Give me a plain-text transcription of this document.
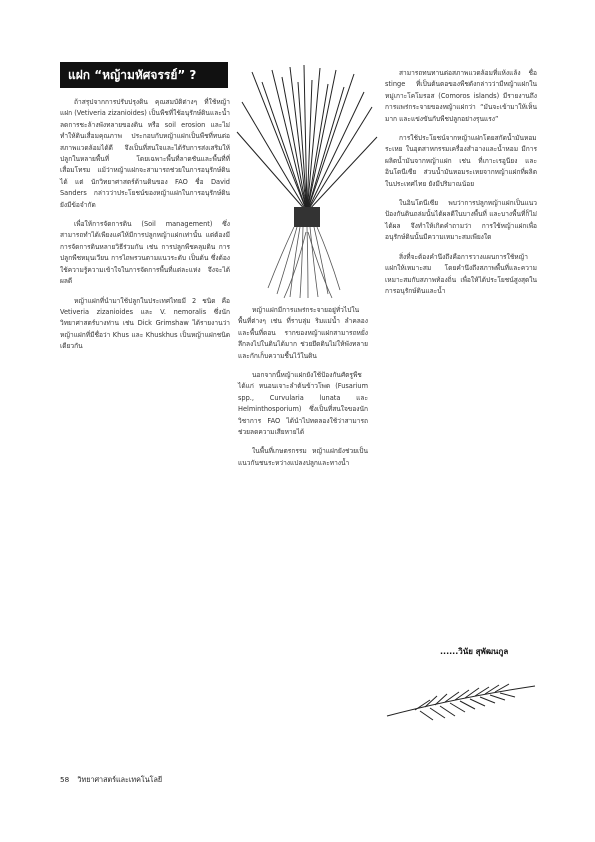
แฝก “หญ้ามหัศจรรย์” ?

ถ้าสรุปจากการปรับปรุงดิน คุณสมบัติต่างๆ ที่ใช้หญ้าแฝก (Vetiveria zizanioides) เป็นพืชที่ใช้อนุรักษ์ดินและน้ำ ลดการชะล้างพังทลายของดิน หรือ soil erosion และไม่ทำให้ดินเสื่อมคุณภาพ ประกอบกับหญ้าแฝกเป็นพืชที่ทนต่อสภาพแวดล้อมได้ดี จึงเป็นที่สนใจและได้รับการส่งเสริมให้ปลูกในหลายพื้นที่ โดยเฉพาะพื้นที่ลาดชันและพื้นที่ที่เสื่อมโทรม แม้ว่าหญ้าแฝกจะสามารถช่วยในการอนุรักษ์ดินได้ แต่ นักวิทยาศาสตร์ด้านดินของ FAO ชื่อ David Sanders กล่าวว่าประโยชน์ของหญ้าแฝกในการอนุรักษ์ดินยังมีข้อจำกัด

เพื่อให้การจัดการดิน (Soil management) ซึ่งสามารถทำได้เพียงแค่ให้มีการปลูกหญ้าแฝกเท่านั้น แต่ต้องมีการจัดการดินหลายวิธีร่วมกัน เช่น การปลูกพืชคลุมดิน การปลูกพืชหมุนเวียน การไถพรวนตามแนวระดับ เป็นต้น ซึ่งต้องใช้ความรู้ความเข้าใจในการจัดการพื้นที่แต่ละแห่ง จึงจะได้ผลดี

หญ้าแฝกที่นำมาใช้ปลูกในประเทศไทยมี 2 ชนิด คือ Vetiveria zizanioides และ V. nemoralis ซึ่งนักวิทยาศาสตร์บางท่าน เช่น Dick Grimshaw ได้รายงานว่าหญ้าแฝกที่มีชื่อว่า Khus และ Khuskhus เป็นหญ้าแฝกชนิดเดียวกัน

หญ้าแฝกมีการแพร่กระจายอยู่ทั่วไปในพื้นที่ต่างๆ เช่น ที่ราบลุ่ม ริมแม่น้ำ ลำคลอง และพื้นที่ดอน รากของหญ้าแฝกสามารถหยั่งลึกลงไปในดินได้มาก ช่วยยึดดินไม่ให้พังทลาย และกักเก็บความชื้นไว้ในดิน

นอกจากนี้หญ้าแฝกยังใช้ป้องกันศัตรูพืช ได้แก่ หนอนเจาะลำต้นข้าวโพด (Fusarium spp., Curvularia lunata และ Helminthosporium) ซึ่งเป็นที่สนใจของนักวิชาการ FAO ได้นำไปทดลองใช้ว่าสามารถช่วยลดความเสียหายได้

ในพื้นที่เกษตรกรรม หญ้าแฝกยังช่วยเป็นแนวกันชนระหว่างแปลงปลูกและทางน้ำ

สามารถทนทานต่อสภาพแวดล้อมที่แห้งแล้ง ชื่อ stinge ที่เป็นต้นตอของพืชดังกล่าวว่ามีหญ้าแฝกในหมู่เกาะโคโมรอส (Comoros islands) มีรายงานถึงการแพร่กระจายของหญ้าแฝกว่า “มันจะเข้ามาให้เห็นมาก และแข่งขันกับพืชปลูกอย่างรุนแรง”

การใช้ประโยชน์จากหญ้าแฝกโดยสกัดน้ำมันหอมระเหย ในอุตสาหกรรมเครื่องสำอางและน้ำหอม มีการผลิตน้ำมันจากหญ้าแฝก เช่น ที่เกาะเรอูนียง และอินโดนีเซีย ส่วนน้ำมันหอมระเหยจากหญ้าแฝกที่ผลิตในประเทศไทย ยังมีปริมาณน้อย

ในอินโดนีเซีย พบว่าการปลูกหญ้าแฝกเป็นแนวป้องกันดินถล่มนั้นได้ผลดีในบางพื้นที่ และบางพื้นที่ก็ไม่ได้ผล จึงทำให้เกิดคำถามว่า การใช้หญ้าแฝกเพื่ออนุรักษ์ดินนั้นมีความเหมาะสมเพียงใด

สิ่งที่จะต้องคำนึงถึงคือการวางแผนการใช้หญ้าแฝกให้เหมาะสม โดยคำนึงถึงสภาพพื้นที่และความเหมาะสมกับสภาพท้องถิ่น เพื่อให้ได้ประโยชน์สูงสุดในการอนุรักษ์ดินและน้ำ

......วินัย สุพัฒนกูล
58 วิทยาศาสตร์และเทคโนโลยี
